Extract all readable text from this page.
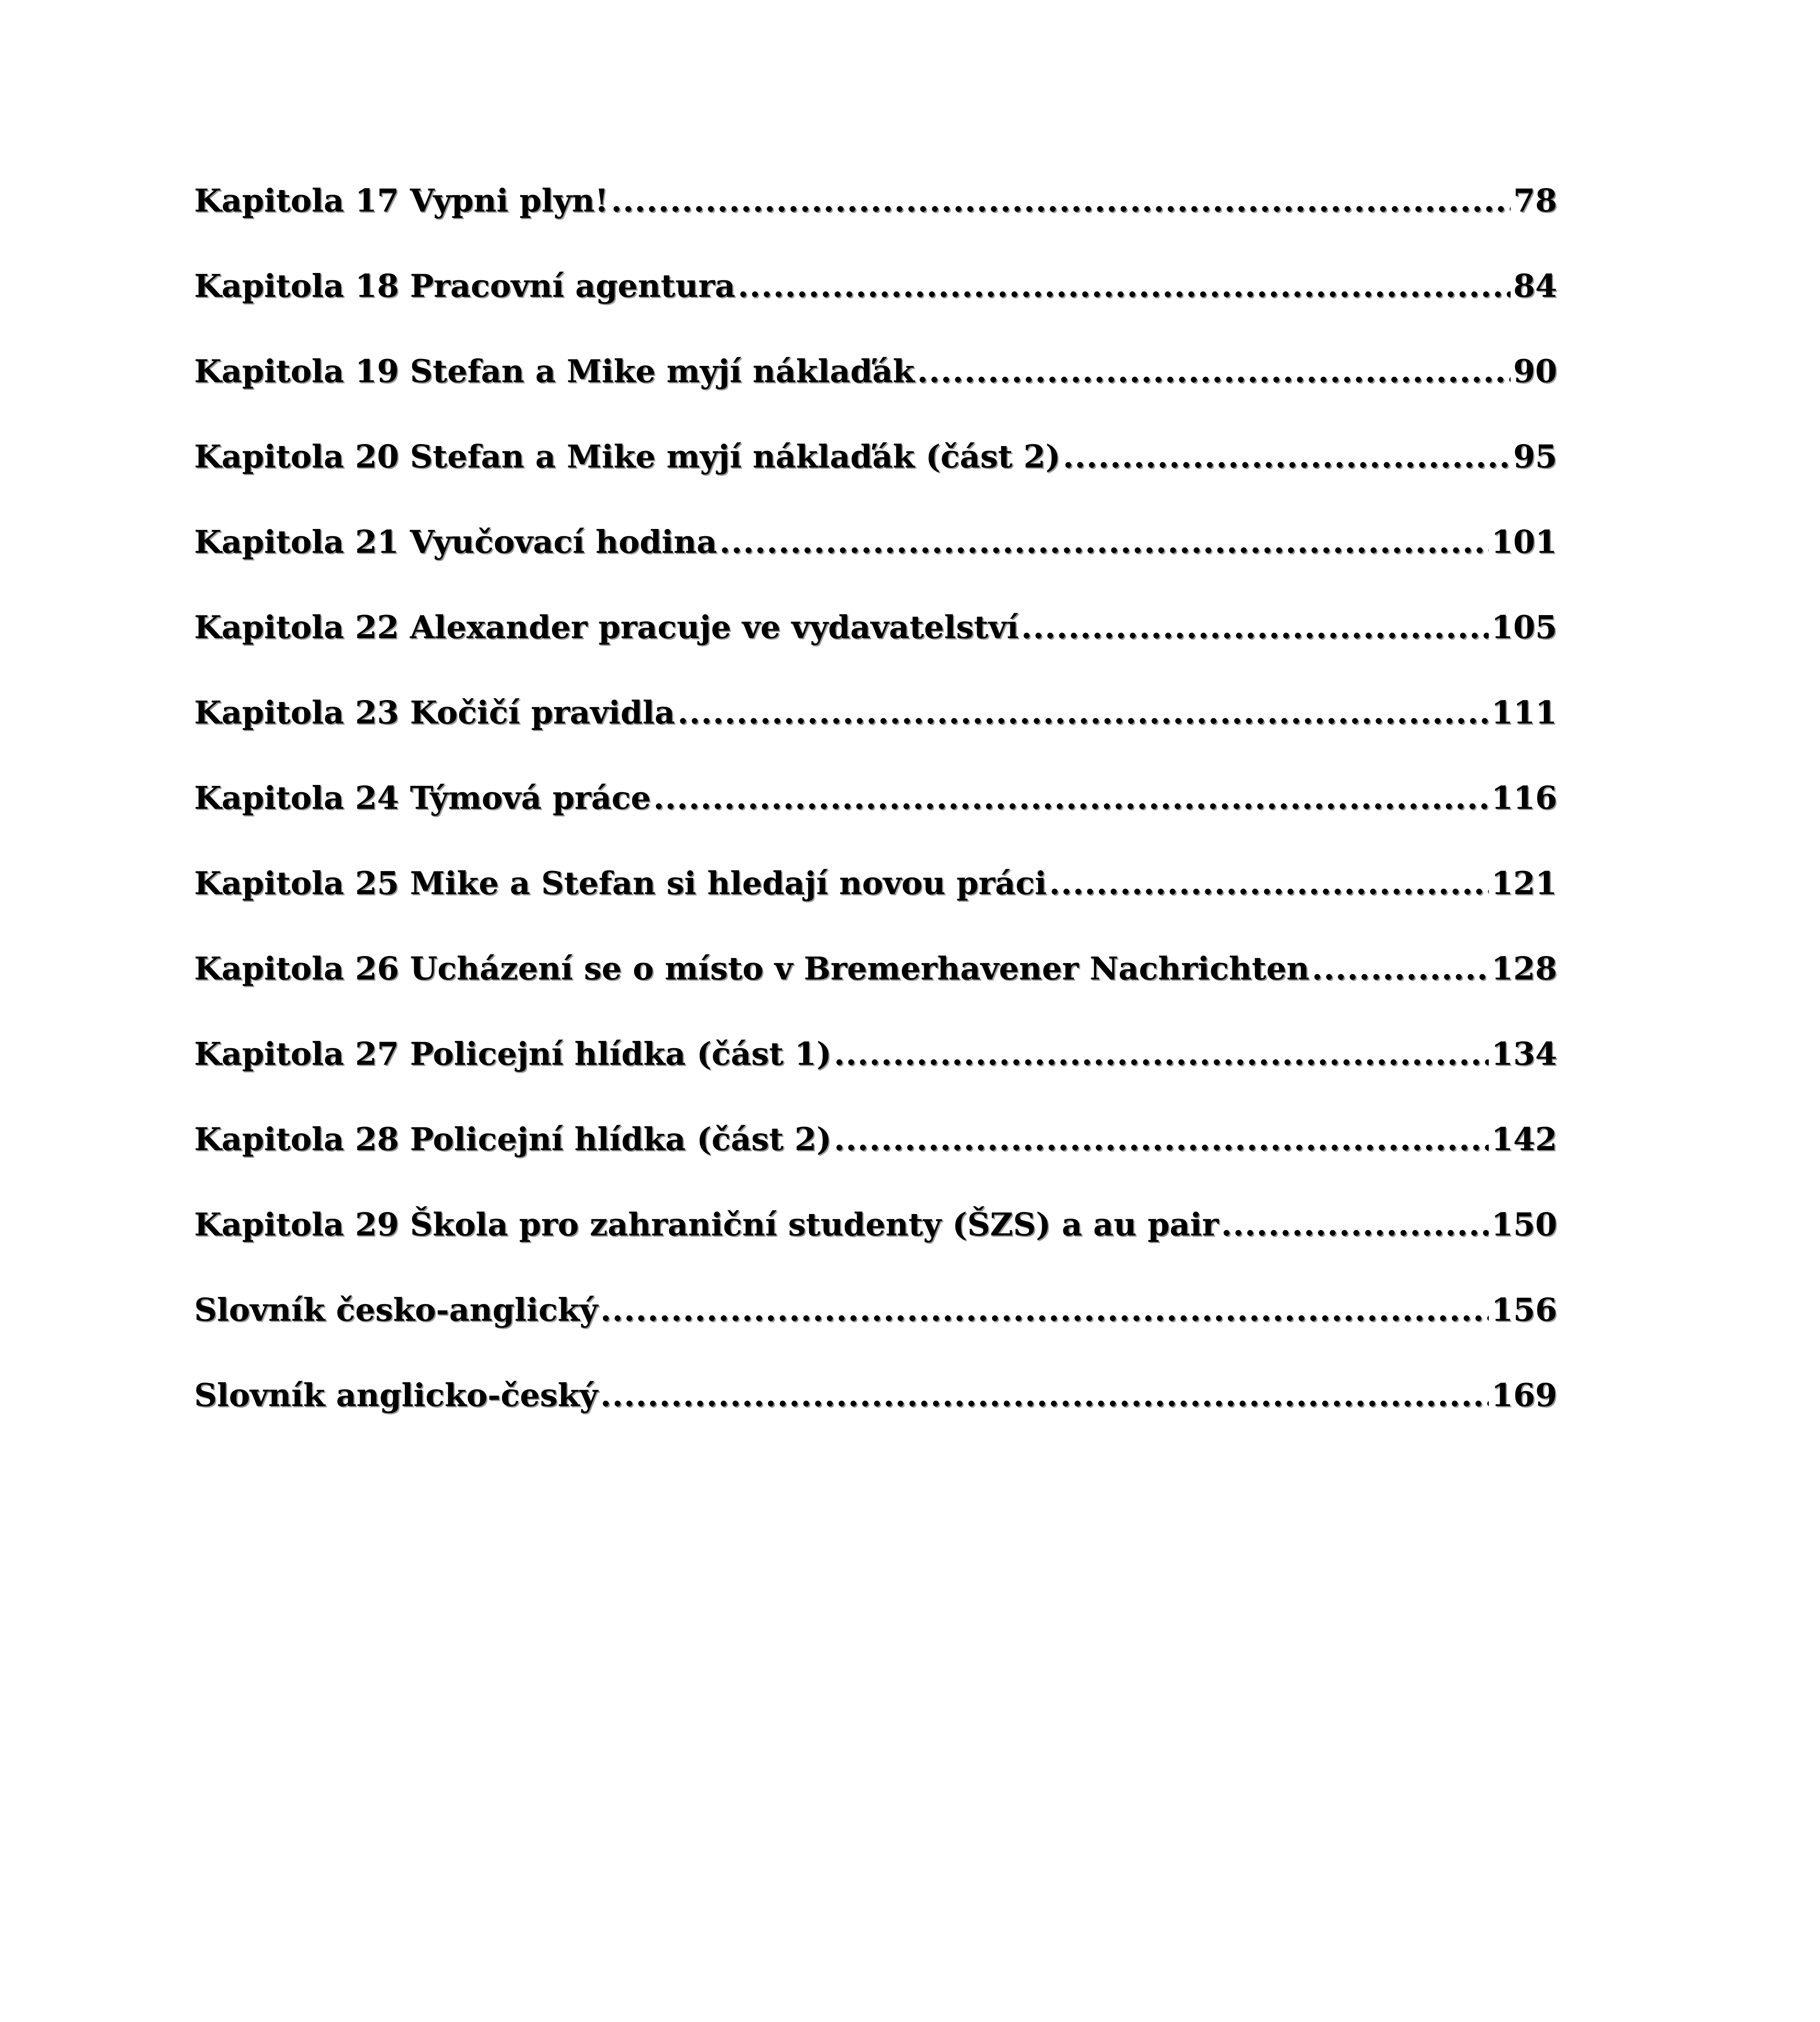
Kapitola 17 Vypni plyn! .....	78
Kapitola 18 Pracovní agentura .....	84
Kapitola 19 Stefan a Mike myjí náklaďák .....	90
Kapitola 20 Stefan a Mike myjí náklaďák (část 2) .....	95
Kapitola 21 Vyučovací hodina .....	101
Kapitola 22 Alexander pracuje ve vydavatelství .....	105
Kapitola 23 Kočičí pravidla .....	111
Kapitola 24 Týmová práce .....	116
Kapitola 25 Mike a Stefan si hledají novou práci .....	121
Kapitola 26 Ucházení se o místo v Bremerhavener Nachrichten .....	128
Kapitola 27 Policejní hlídka (část 1) .....	134
Kapitola 28 Policejní hlídka (část 2) .....	142
Kapitola 29 Škola pro zahraniční studenty (ŠZS) a au pair .....	150
Slovník česko-anglický .....	156
Slovník anglicko-český .....	169
